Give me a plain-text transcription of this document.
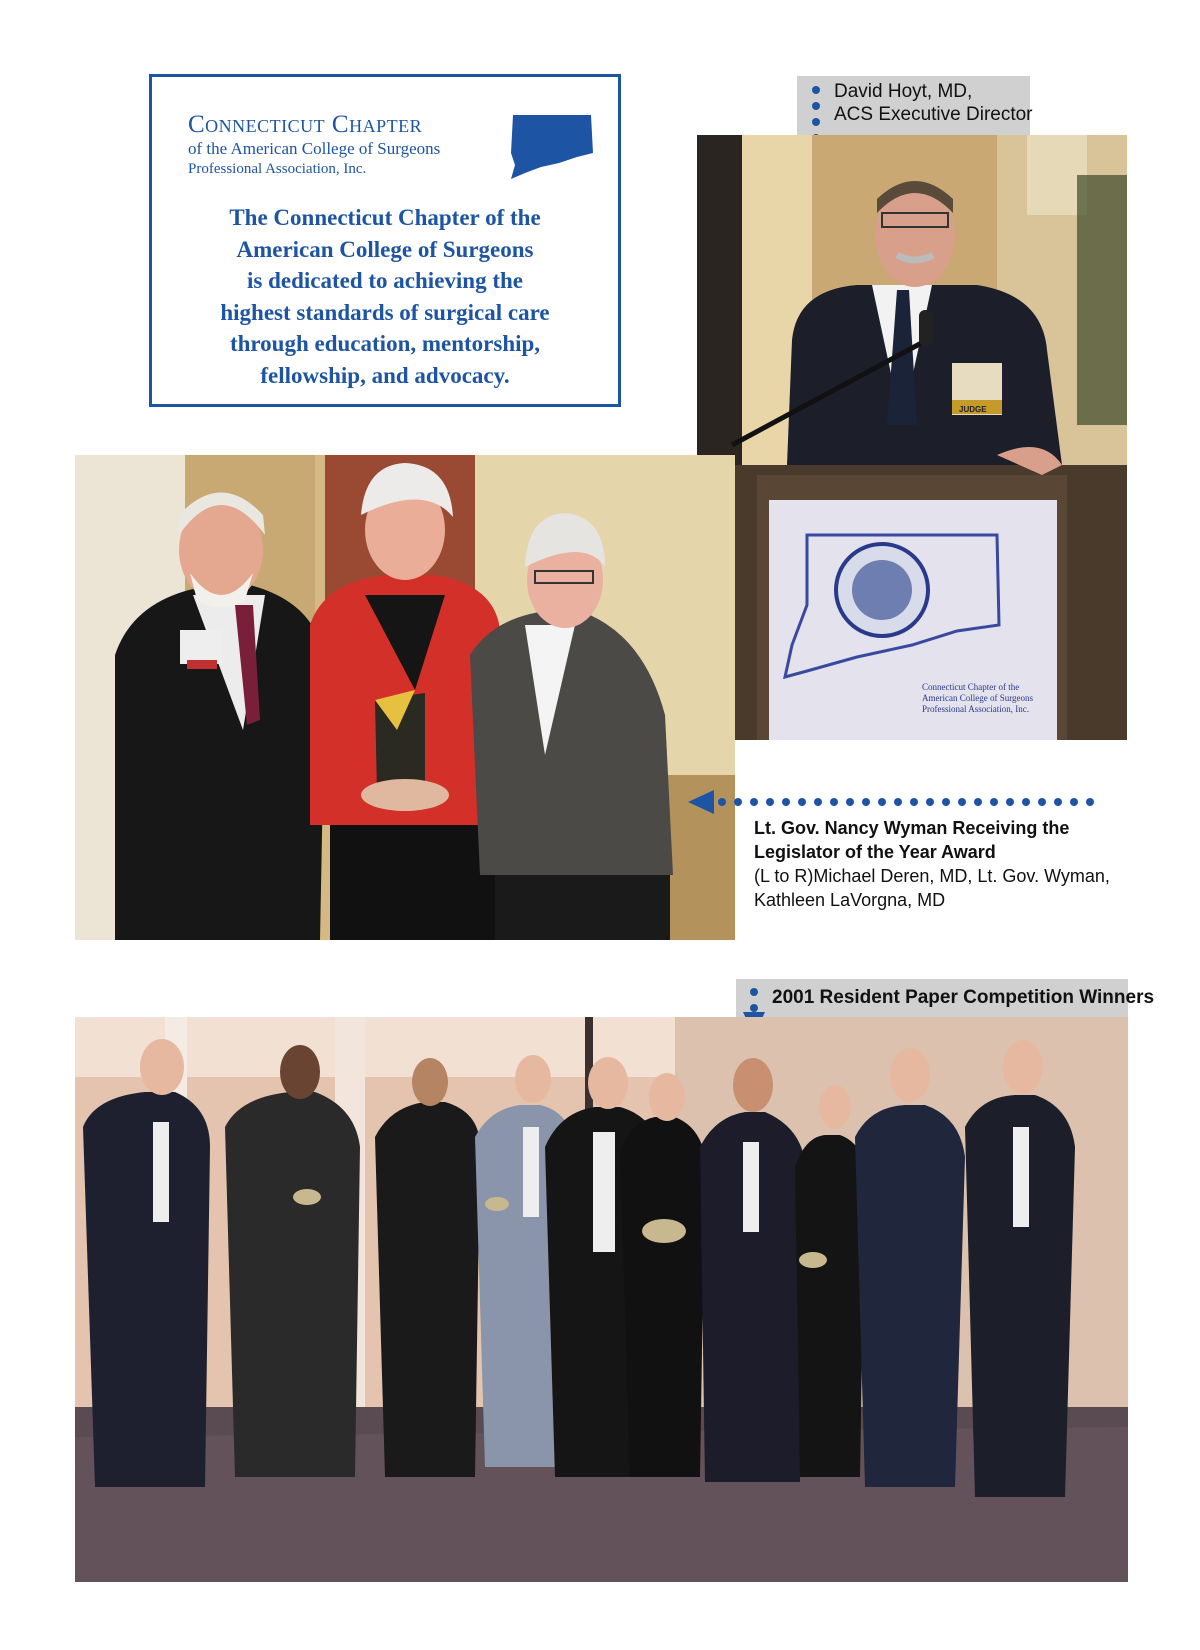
Connecticut Chapter
of the American College of Surgeons
Professional Association, Inc.
The Connecticut Chapter of the
American College of Surgeons
is dedicated to achieving the
highest standards of surgical care
through education, mentorship,
fellowship, and advocacy.
David Hoyt, MD,
ACS Executive Director
Connecticut Chapter of the
American College of Surgeons
Professional Association, Inc.
JUDGE
Lt. Gov. Nancy Wyman Receiving the
Legislator of the Year Award
(L to R)Michael Deren, MD, Lt. Gov. Wyman,
Kathleen LaVorgna, MD
2001 Resident Paper Competition Winners
